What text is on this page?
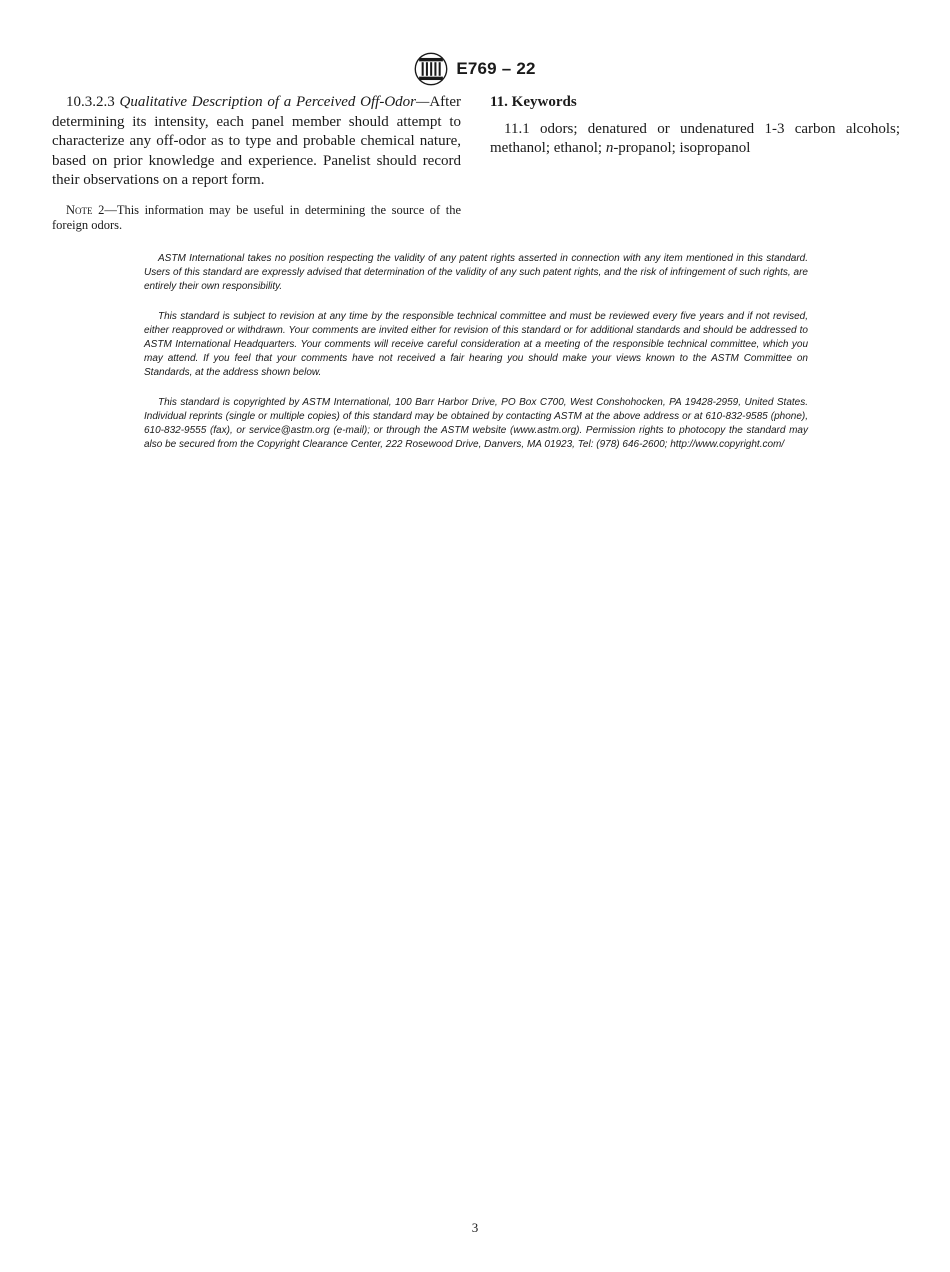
E769 – 22

10.3.2.3 Qualitative Description of a Perceived Off-Odor—After determining its intensity, each panel member should attempt to characterize any off-odor as to type and probable chemical nature, based on prior knowledge and experience. Panelist should record their observations on a report form.

Note 2—This information may be useful in determining the source of the foreign odors.

11. Keywords

11.1 odors; denatured or undenatured 1-3 carbon alcohols; methanol; ethanol; n-propanol; isopropanol

ASTM International takes no position respecting the validity of any patent rights asserted in connection with any item mentioned in this standard. Users of this standard are expressly advised that determination of the validity of any such patent rights, and the risk of infringement of such rights, are entirely their own responsibility.

This standard is subject to revision at any time by the responsible technical committee and must be reviewed every five years and if not revised, either reapproved or withdrawn. Your comments are invited either for revision of this standard or for additional standards and should be addressed to ASTM International Headquarters. Your comments will receive careful consideration at a meeting of the responsible technical committee, which you may attend. If you feel that your comments have not received a fair hearing you should make your views known to the ASTM Committee on Standards, at the address shown below.

This standard is copyrighted by ASTM International, 100 Barr Harbor Drive, PO Box C700, West Conshohocken, PA 19428-2959, United States. Individual reprints (single or multiple copies) of this standard may be obtained by contacting ASTM at the above address or at 610-832-9585 (phone), 610-832-9555 (fax), or service@astm.org (e-mail); or through the ASTM website (www.astm.org). Permission rights to photocopy the standard may also be secured from the Copyright Clearance Center, 222 Rosewood Drive, Danvers, MA 01923, Tel: (978) 646-2600; http://www.copyright.com/

3
